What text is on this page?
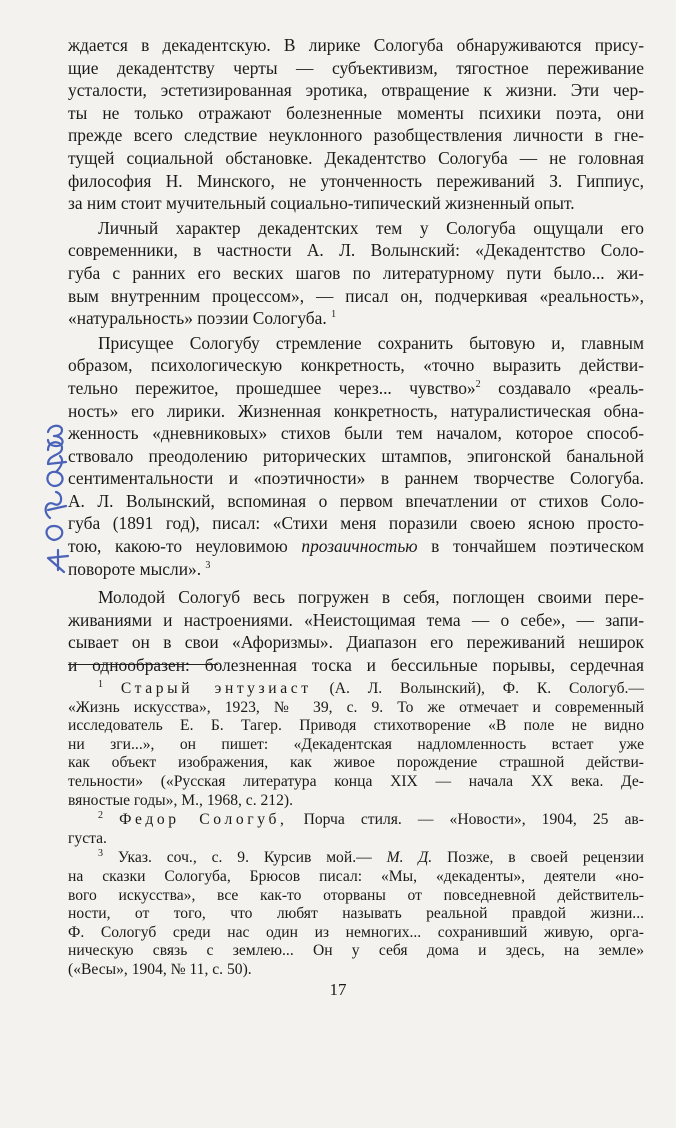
ждается в декадентскую. В лирике Сологуба обнаруживаются прису-
щие декадентству черты — субъективизм, тягостное переживание
усталости, эстетизированная эротика, отвращение к жизни. Эти чер-
ты не только отражают болезненные моменты психики поэта, они
прежде всего следствие неуклонного разобществления личности в гне-
тущей социальной обстановке. Декадентство Сологуба — не головная
философия Н. Минского, не утонченность переживаний З. Гиппиус,
за ним стоит мучительный социально-типический жизненный опыт.

Личный характер декадентских тем у Сологуба ощущали его
современники, в частности А. Л. Волынский: «Декадентство Соло-
губа с ранних его веских шагов по литературному пути было... жи-
вым внутренним процессом», — писал он, подчеркивая «реальность»,
«натуральность» поэзии Сологуба. $^1$

Присущее Сологубу стремление сохранить бытовую и, главным
образом, психологическую конкретность, «точно выразить действи-
тельно пережитое, прошедшее через... чувство»$^2$ создавало «реаль-
ность» его лирики. Жизненная конкретность, натуралистическая обна-
женность «дневниковых» стихов были тем началом, которое способ-
ствовало преодолению риторических штампов, эпигонской банальной
сентиментальности и «поэтичности» в раннем творчестве Сологуба.
А. Л. Волынский, вспоминая о первом впечатлении от стихов Соло-
губа (1891 год), писал: «Стихи меня поразили своею ясною просто-
тою, какою-то неуловимою прозаичностью в тончайшем поэтическом
повороте мысли». $^3$

Молодой Сологуб весь погружен в себя, поглощен своими пере-
живаниями и настроениями. «Неистощимая тема — о себе», — запи-
сывает он в свои «Афоризмы». Диапазон его переживаний неширок
и однообразен: болезненная тоска и бессильные порывы, сердечная

$^1$ Старый энтузиаст (А. Л. Волынский), Ф. К. Сологуб.—
«Жизнь искусства», 1923, № 39, с. 9. То же отмечает и современный
исследователь Е. Б. Тагер. Приводя стихотворение «В поле не видно
ни зги...», он пишет: «Декадентская надломленность встает уже
как объект изображения, как живое порождение страшной действи-
тельности» («Русская литература конца XIX — начала XX века. Де-
вяностые годы», М., 1968, с. 212).

$^2$ Федор Сологуб, Порча стиля. — «Новости», 1904, 25 ав-
густа.

$^3$ Указ. соч., с. 9. Курсив мой.— М. Д. Позже, в своей рецензии
на сказки Сологуба, Брюсов писал: «Мы, «декаденты», деятели «но-
вого искусства», все как-то оторваны от повседневной действитель-
ности, от того, что любят называть реальной правдой жизни...
Ф. Сологуб среди нас один из немногих... сохранивший живую, орга-
ническую связь с землею... Он у себя дома и здесь, на земле»
(«Весы», 1904, № 11, с. 50).

17
